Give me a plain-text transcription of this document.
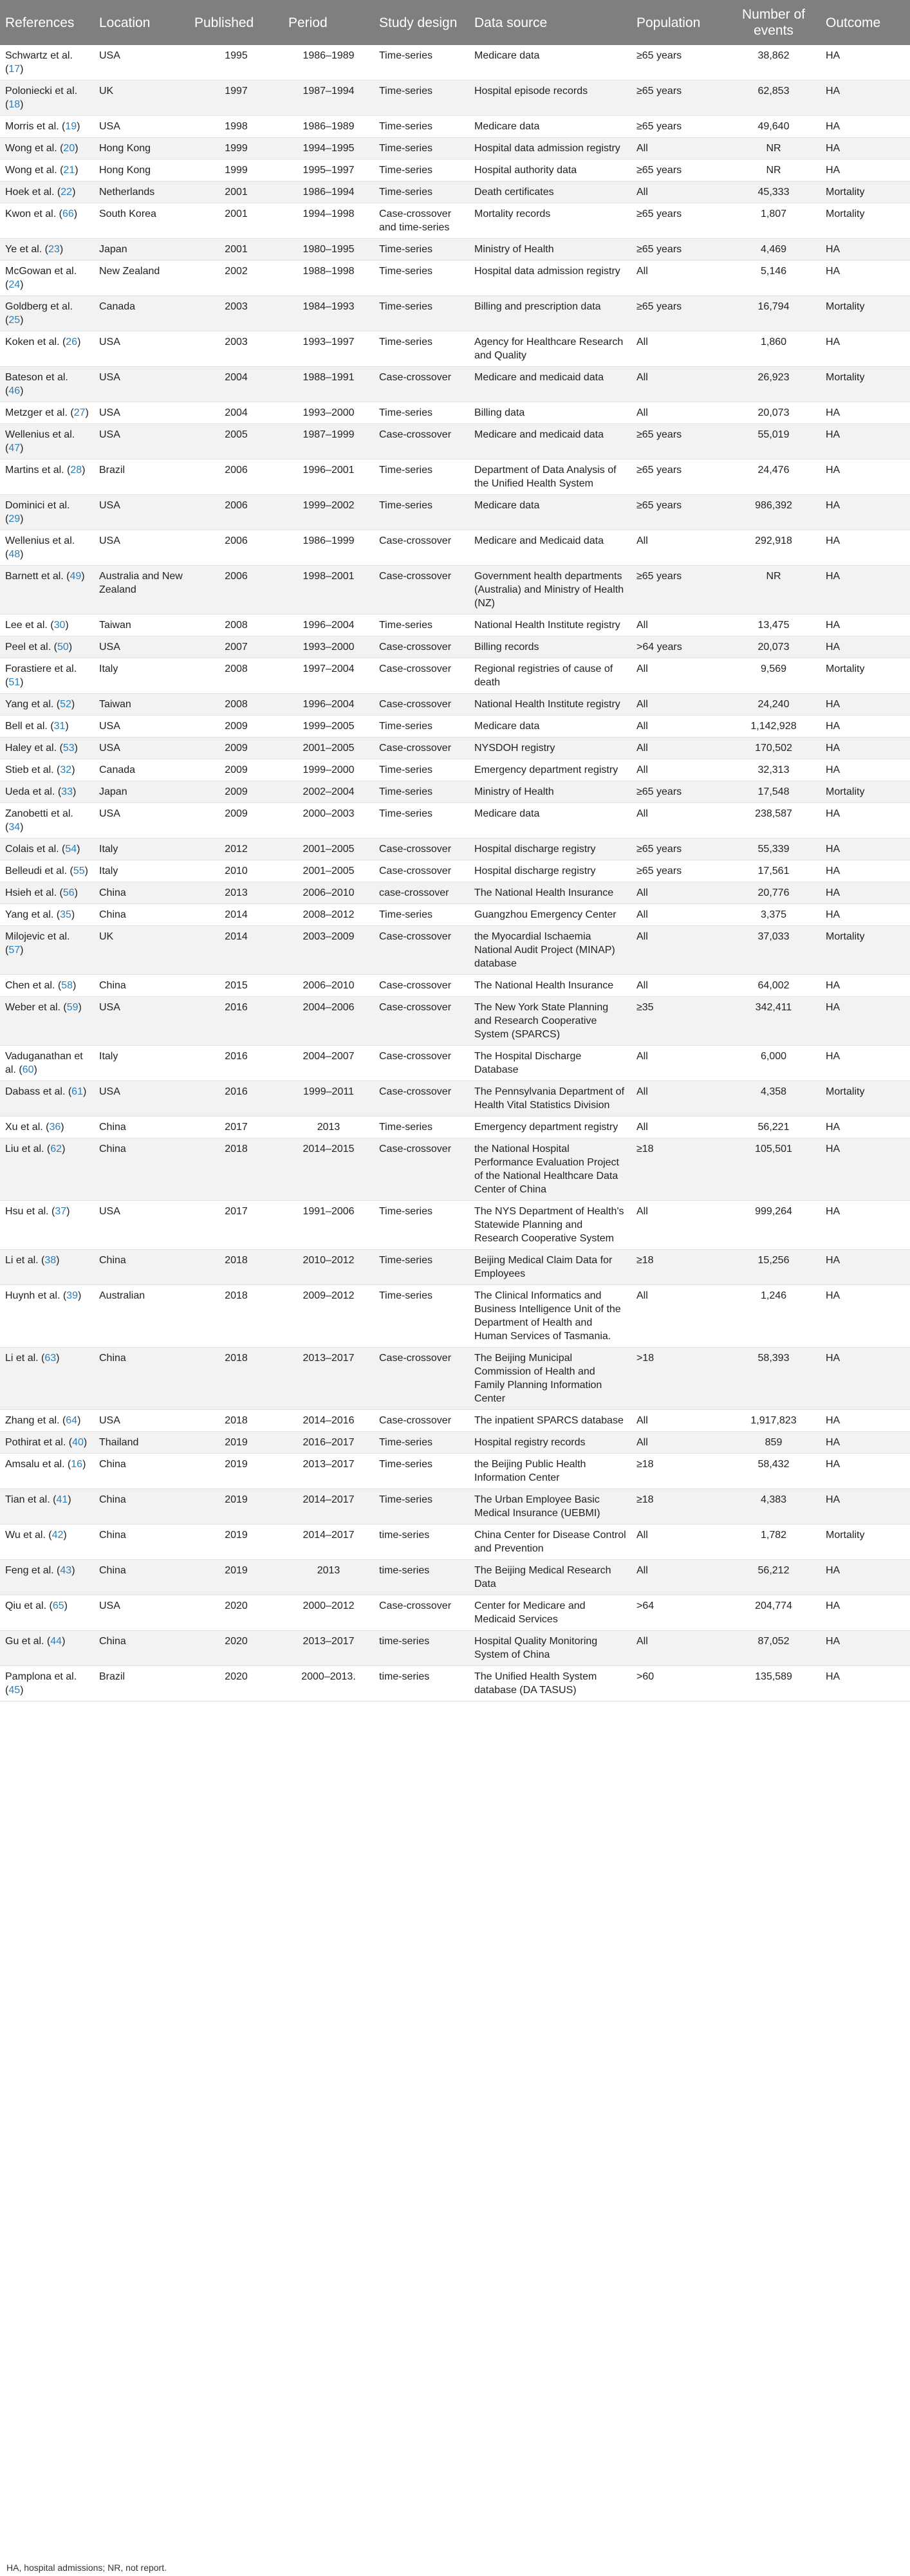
References	Location	Published	Period	Study design	Data source	Population	Number of events	Outcome
Schwartz et al. (17)	USA	1995	1986–1989	Time-series	Medicare data	≥65 years	38,862	HA
Poloniecki et al. (18)	UK	1997	1987–1994	Time-series	Hospital episode records	≥65 years	62,853	HA
Morris et al. (19)	USA	1998	1986–1989	Time-series	Medicare data	≥65 years	49,640	HA
Wong et al. (20)	Hong Kong	1999	1994–1995	Time-series	Hospital data admission registry	All	NR	HA
Wong et al. (21)	Hong Kong	1999	1995–1997	Time-series	Hospital authority data	≥65 years	NR	HA
Hoek et al. (22)	Netherlands	2001	1986–1994	Time-series	Death certificates	All	45,333	Mortality
Kwon et al. (66)	South Korea	2001	1994–1998	Case-crossover and time-series	Mortality records	≥65 years	1,807	Mortality
Ye et al. (23)	Japan	2001	1980–1995	Time-series	Ministry of Health	≥65 years	4,469	HA
McGowan et al. (24)	New Zealand	2002	1988–1998	Time-series	Hospital data admission registry	All	5,146	HA
Goldberg et al. (25)	Canada	2003	1984–1993	Time-series	Billing and prescription data	≥65 years	16,794	Mortality
Koken et al. (26)	USA	2003	1993–1997	Time-series	Agency for Healthcare Research and Quality	All	1,860	HA
Bateson et al. (46)	USA	2004	1988–1991	Case-crossover	Medicare and medicaid data	All	26,923	Mortality
Metzger et al. (27)	USA	2004	1993–2000	Time-series	Billing data	All	20,073	HA
Wellenius et al. (47)	USA	2005	1987–1999	Case-crossover	Medicare and medicaid data	≥65 years	55,019	HA
Martins et al. (28)	Brazil	2006	1996–2001	Time-series	Department of Data Analysis of the Unified Health System	≥65 years	24,476	HA
Dominici et al. (29)	USA	2006	1999–2002	Time-series	Medicare data	≥65 years	986,392	HA
Wellenius et al. (48)	USA	2006	1986–1999	Case-crossover	Medicare and Medicaid data	All	292,918	HA
Barnett et al. (49)	Australia and New Zealand	2006	1998–2001	Case-crossover	Government health departments (Australia) and Ministry of Health (NZ)	≥65 years	NR	HA
Lee et al. (30)	Taiwan	2008	1996–2004	Time-series	National Health Institute registry	All	13,475	HA
Peel et al. (50)	USA	2007	1993–2000	Case-crossover	Billing records	>64 years	20,073	HA
Forastiere et al. (51)	Italy	2008	1997–2004	Case-crossover	Regional registries of cause of death	All	9,569	Mortality
Yang et al. (52)	Taiwan	2008	1996–2004	Case-crossover	National Health Institute registry	All	24,240	HA
Bell et al. (31)	USA	2009	1999–2005	Time-series	Medicare data	All	1,142,928	HA
Haley et al. (53)	USA	2009	2001–2005	Case-crossover	NYSDOH registry	All	170,502	HA
Stieb et al. (32)	Canada	2009	1999–2000	Time-series	Emergency department registry	All	32,313	HA
Ueda et al. (33)	Japan	2009	2002–2004	Time-series	Ministry of Health	≥65 years	17,548	Mortality
Zanobetti et al. (34)	USA	2009	2000–2003	Time-series	Medicare data	All	238,587	HA
Colais et al. (54)	Italy	2012	2001–2005	Case-crossover	Hospital discharge registry	≥65 years	55,339	HA
Belleudi et al. (55)	Italy	2010	2001–2005	Case-crossover	Hospital discharge registry	≥65 years	17,561	HA
Hsieh et al. (56)	China	2013	2006–2010	case-crossover	The National Health Insurance	All	20,776	HA
Yang et al. (35)	China	2014	2008–2012	Time-series	Guangzhou Emergency Center	All	3,375	HA
Milojevic et al. (57)	UK	2014	2003–2009	Case-crossover	the Myocardial Ischaemia National Audit Project (MINAP) database	All	37,033	Mortality
Chen et al. (58)	China	2015	2006–2010	Case-crossover	The National Health Insurance	All	64,002	HA
Weber et al. (59)	USA	2016	2004–2006	Case-crossover	The New York State Planning and Research Cooperative System (SPARCS)	≥35	342,411	HA
Vaduganathan et al. (60)	Italy	2016	2004–2007	Case-crossover	The Hospital Discharge Database	All	6,000	HA
Dabass et al. (61)	USA	2016	1999–2011	Case-crossover	The Pennsylvania Department of Health Vital Statistics Division	All	4,358	Mortality
Xu et al. (36)	China	2017	2013	Time-series	Emergency department registry	All	56,221	HA
Liu et al. (62)	China	2018	2014–2015	Case-crossover	the National Hospital Performance Evaluation Project of the National Healthcare Data Center of China	≥18	105,501	HA
Hsu et al. (37)	USA	2017	1991–2006	Time-series	The NYS Department of Health's Statewide Planning and Research Cooperative System	All	999,264	HA
Li et al. (38)	China	2018	2010–2012	Time-series	Beijing Medical Claim Data for Employees	≥18	15,256	HA
Huynh et al. (39)	Australian	2018	2009–2012	Time-series	The Clinical Informatics and Business Intelligence Unit of the Department of Health and Human Services of Tasmania.	All	1,246	HA
Li et al. (63)	China	2018	2013–2017	Case-crossover	The Beijing Municipal Commission of Health and Family Planning Information Center	>18	58,393	HA
Zhang et al. (64)	USA	2018	2014–2016	Case-crossover	The inpatient SPARCS database	All	1,917,823	HA
Pothirat et al. (40)	Thailand	2019	2016–2017	Time-series	Hospital registry records	All	859	HA
Amsalu et al. (16)	China	2019	2013–2017	Time-series	the Beijing Public Health Information Center	≥18	58,432	HA
Tian et al. (41)	China	2019	2014–2017	Time-series	The Urban Employee Basic Medical Insurance (UEBMI)	≥18	4,383	HA
Wu et al. (42)	China	2019	2014–2017	time-series	China Center for Disease Control and Prevention	All	1,782	Mortality
Feng et al. (43)	China	2019	2013	time-series	The Beijing Medical Research Data	All	56,212	HA
Qiu et al. (65)	USA	2020	2000–2012	Case-crossover	Center for Medicare and Medicaid Services	>64	204,774	HA
Gu et al. (44)	China	2020	2013–2017	time-series	Hospital Quality Monitoring System of China	All	87,052	HA
Pamplona et al. (45)	Brazil	2020	2000–2013.	time-series	The Unified Health System database (DA TASUS)	>60	135,589	HA
HA, hospital admissions; NR, not report.
